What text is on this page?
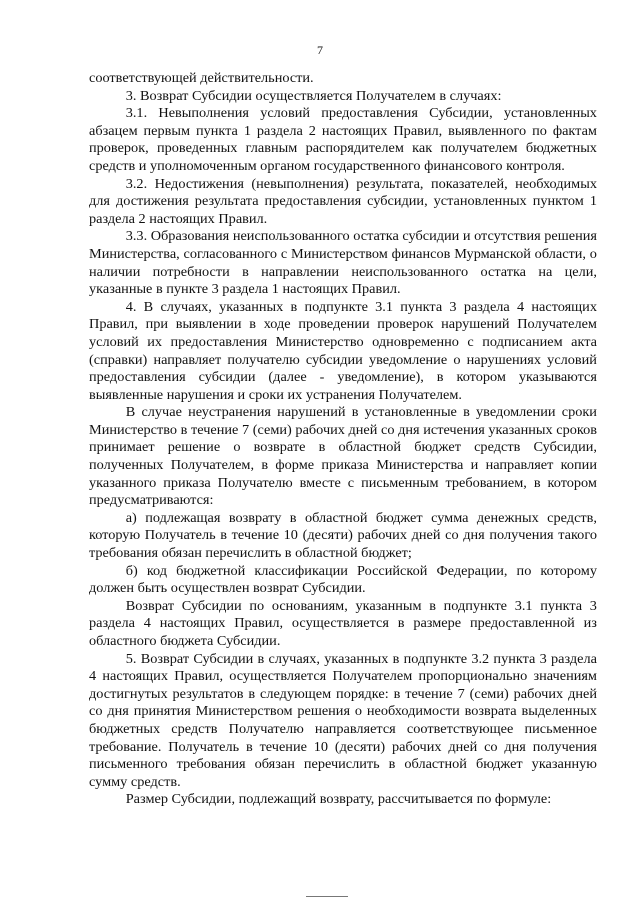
7

соответствующей действительности.

3. Возврат Субсидии осуществляется Получателем в случаях:

3.1. Невыполнения условий предоставления Субсидии, установленных абзацем первым пункта 1 раздела 2 настоящих Правил, выявленного по фактам проверок, проведенных главным распорядителем как получателем бюджетных средств и уполномоченным органом государственного финансового контроля.

3.2. Недостижения (невыполнения) результата, показателей, необходимых для достижения результата предоставления субсидии, установленных пунктом 1 раздела 2 настоящих Правил.

3.3. Образования неиспользованного остатка субсидии и отсутствия решения Министерства, согласованного с Министерством финансов Мурманской области, о наличии потребности в направлении неиспользованного остатка на цели, указанные в пункте 3 раздела 1 настоящих Правил.

4. В случаях, указанных в подпункте 3.1 пункта 3 раздела 4 настоящих Правил, при выявлении в ходе проведении проверок нарушений Получателем условий их предоставления Министерство одновременно с подписанием акта (справки) направляет получателю субсидии уведомление о нарушениях условий предоставления субсидии (далее - уведомление), в котором указываются выявленные нарушения и сроки их устранения Получателем.

В случае неустранения нарушений в установленные в уведомлении сроки Министерство в течение 7 (семи) рабочих дней со дня истечения указанных сроков принимает решение о возврате в областной бюджет средств Субсидии, полученных Получателем, в форме приказа Министерства и направляет копии указанного приказа Получателю вместе с письменным требованием, в котором предусматриваются:

а) подлежащая возврату в областной бюджет сумма денежных средств, которую Получатель в течение 10 (десяти) рабочих дней со дня получения такого требования обязан перечислить в областной бюджет;

б) код бюджетной классификации Российской Федерации, по которому должен быть осуществлен возврат Субсидии.

Возврат Субсидии по основаниям, указанным в подпункте 3.1 пункта 3 раздела 4 настоящих Правил, осуществляется в размере предоставленной из областного бюджета Субсидии.

5. Возврат Субсидии в случаях, указанных в подпункте 3.2 пункта 3 раздела 4 настоящих Правил, осуществляется Получателем пропорционально значениям достигнутых результатов в следующем порядке: в течение 7 (семи) рабочих дней со дня принятия Министерством решения о необходимости возврата выделенных бюджетных средств Получателю направляется соответствующее письменное требование. Получатель в течение 10 (десяти) рабочих дней со дня получения письменного требования обязан перечислить в областной бюджет указанную сумму средств.

Размер Субсидии, подлежащий возврату, рассчитывается по формуле:
